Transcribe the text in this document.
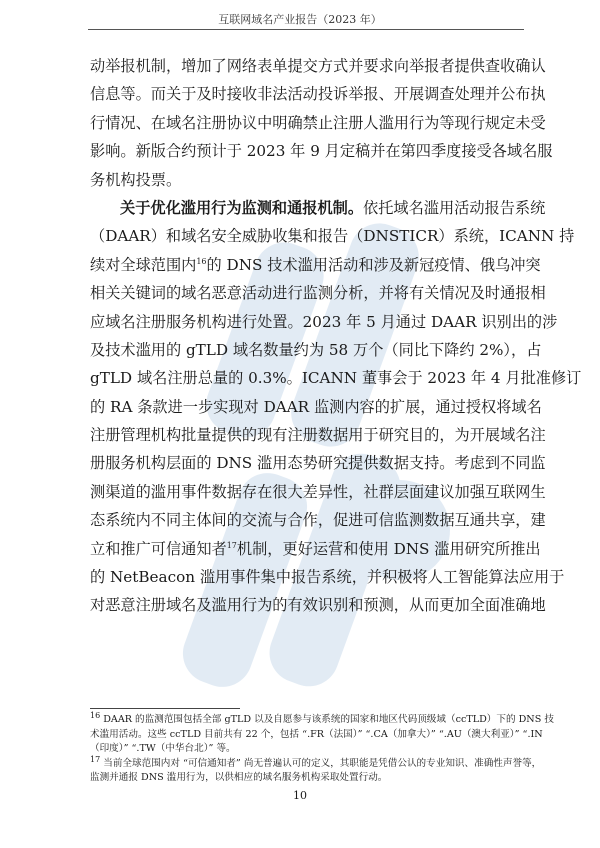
互联网域名产业报告（2023 年）
动举报机制，增加了网络表单提交方式并要求向举报者提供查收确认
信息等。而关于及时接收非法活动投诉举报、开展调查处理并公布执
行情况、在域名注册协议中明确禁止注册人滥用行为等现行规定未受
影响。新版合约预计于 2023 年 9 月定稿并在第四季度接受各域名服
务机构投票。
关于优化滥用行为监测和通报机制。依托域名滥用活动报告系统
（DAAR）和域名安全威胁收集和报告（DNSTICR）系统，ICANN 持
续对全球范围内$^{16}$的 DNS 技术滥用活动和涉及新冠疫情、俄乌冲突
相关关键词的域名恶意活动进行监测分析，并将有关情况及时通报相
应域名注册服务机构进行处置。2023 年 5 月通过 DAAR 识别出的涉
及技术滥用的 gTLD 域名数量约为 58 万个（同比下降约 2%），占
gTLD 域名注册总量的 0.3%。ICANN 董事会于 2023 年 4 月批准修订
的 RA 条款进一步实现对 DAAR 监测内容的扩展，通过授权将域名
注册管理机构批量提供的现有注册数据用于研究目的，为开展域名注
册服务机构层面的 DNS 滥用态势研究提供数据支持。考虑到不同监
测渠道的滥用事件数据存在很大差异性，社群层面建议加强互联网生
态系统内不同主体间的交流与合作，促进可信监测数据互通共享，建
立和推广可信通知者$^{17}$机制，更好运营和使用 DNS 滥用研究所推出
的 NetBeacon 滥用事件集中报告系统，并积极将人工智能算法应用于
对恶意注册域名及滥用行为的有效识别和预测，从而更加全面准确地
$^{16}$ DAAR 的监测范围包括全部 gTLD 以及自愿参与该系统的国家和地区代码顶级域（ccTLD）下的 DNS 技
术滥用活动。这些 ccTLD 目前共有 22 个，包括 “.FR（法国）” “.CA（加拿大）” “.AU（澳大利亚）” “.IN
（印度）” “.TW（中华台北）” 等。
$^{17}$ 当前全球范围内对 “可信通知者” 尚无普遍认可的定义，其职能是凭借公认的专业知识、准确性声誉等，
监测并通报 DNS 滥用行为，以供相应的域名服务机构采取处置行动。
10
